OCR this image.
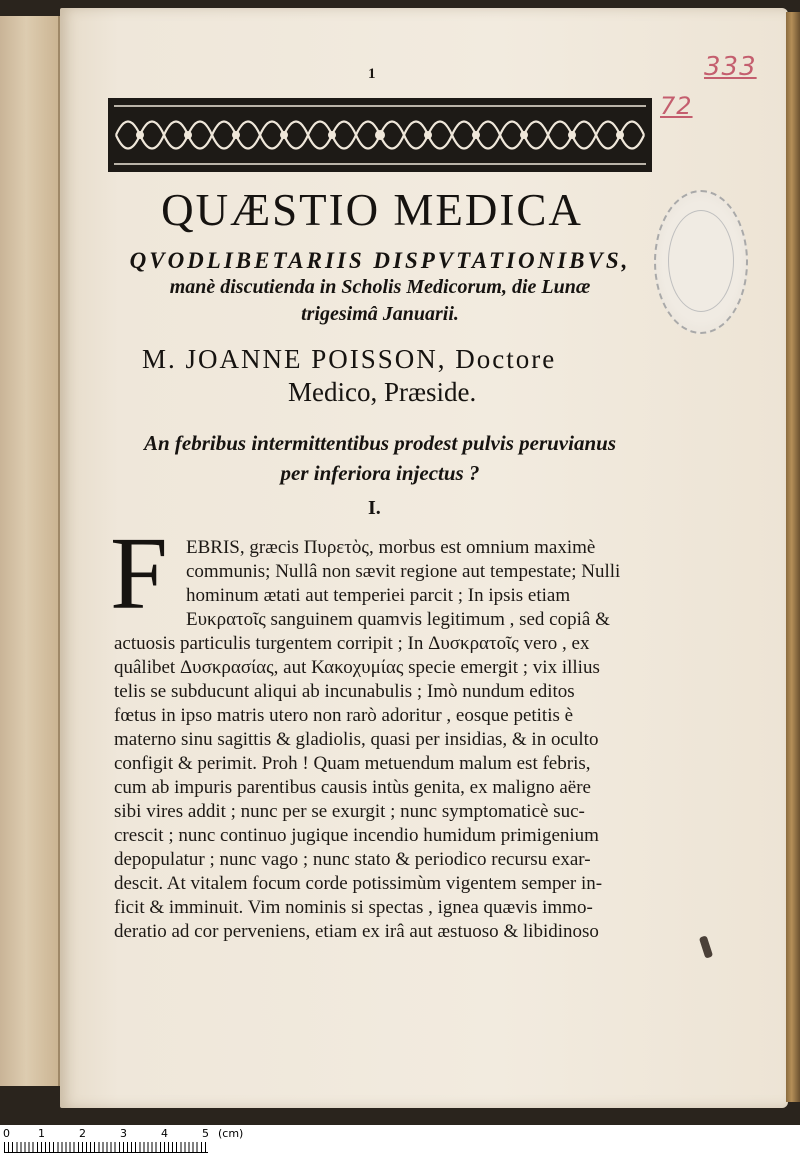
1	333
72
QUÆSTIO MEDICA
QVODLIBETARIIS DISPVTATIONIBVS,
manè discutienda in Scholis Medicorum, die Lunæ
trigesimâ Januarii.
M. JOANNE POISSON, Doctore
Medico, Præside.
An febribus intermittentibus prodest pulvis peruvianus
per inferiora injectus ?
I.
F EBRIS, græcis Πυρετὸς, morbus est omnium maximè
communis; Nullâ non sævit regione aut tempestate; Nulli
hominum ætati aut temperiei parcit ; In ipsis etiam
Ευκρατοῖς sanguinem quamvis legitimum , sed copiâ &
actuosis particulis turgentem corripit ; In Δυσκρατοῖς vero , ex
quâlibet Δυσκρασίας, aut Κακοχυμίας specie emergit ; vix illius
telis se subducunt aliqui ab incunabulis ; Imò nundum editos
fœtus in ipso matris utero non rarò adoritur , eosque petitis è
materno sinu sagittis & gladiolis, quasi per insidias, & in oculto
configit & perimit. Proh ! Quam metuendum malum est febris,
cum ab impuris parentibus causis intùs genita, ex maligno aëre
sibi vires addit ; nunc per se exurgit ; nunc symptomaticè suc-
crescit ; nunc continuo jugique incendio humidum primigenium
depopulatur ; nunc vago ; nunc stato & periodico recursu exar-
descit. At vitalem focum corde potissimùm vigentem semper in-
ficit & imminuit. Vim nominis si spectas , ignea quævis immo-
deratio ad cor perveniens, etiam ex irâ aut æstuoso & libidinoso
0	1	2	3	4	5 (cm)
